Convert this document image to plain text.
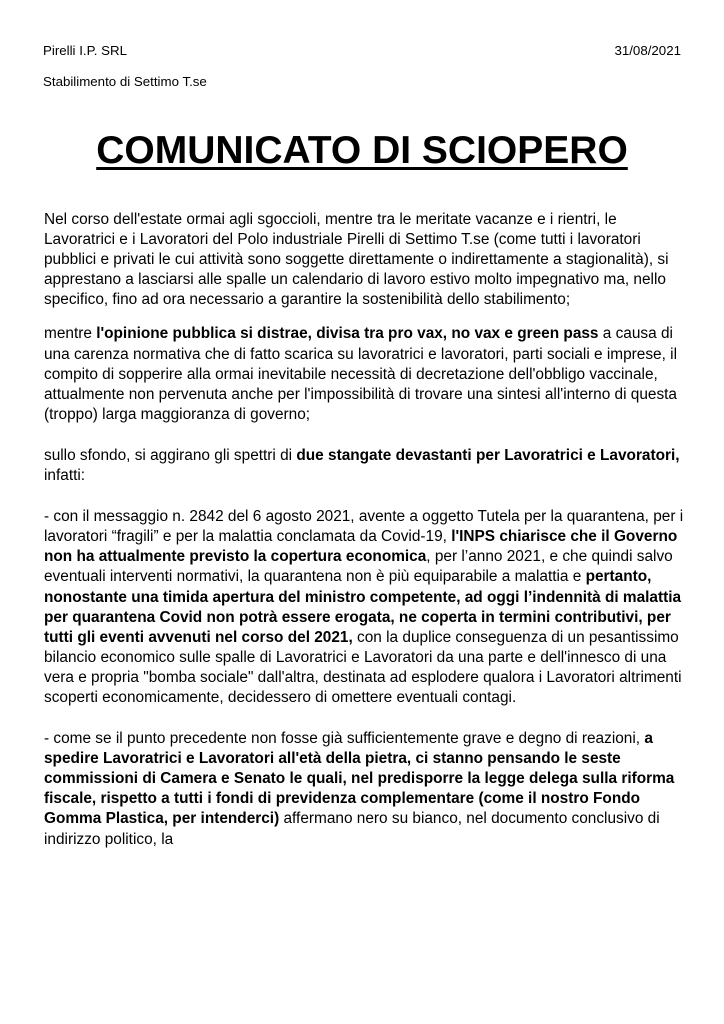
Pirelli I.P. SRL	31/08/2021
Stabilimento di Settimo T.se
COMUNICATO DI SCIOPERO

Nel corso dell'estate ormai agli sgoccioli, mentre tra le meritate vacanze e i rientri, le Lavoratrici e i Lavoratori del Polo industriale Pirelli di Settimo T.se (come tutti i lavoratori pubblici e privati le cui attività sono soggette direttamente o indirettamente a stagionalità), si apprestano a lasciarsi alle spalle un calendario di lavoro estivo molto impegnativo ma, nello specifico, fino ad ora necessario a garantire la sostenibilità dello stabilimento;

mentre l'opinione pubblica si distrae, divisa tra pro vax, no vax e green pass a causa di una carenza normativa che di fatto scarica su lavoratrici e lavoratori, parti sociali e imprese, il compito di sopperire alla ormai inevitabile necessità di decretazione dell'obbligo vaccinale, attualmente non pervenuta anche per l'impossibilità di trovare una sintesi all'interno di questa (troppo) larga maggioranza di governo;

sullo sfondo, si aggirano gli spettri di due stangate devastanti per Lavoratrici e Lavoratori, infatti:

- con il messaggio n. 2842 del 6 agosto 2021, avente a oggetto Tutela per la quarantena, per i lavoratori “fragili” e per la malattia conclamata da Covid-19, l'INPS chiarisce che il Governo non ha attualmente previsto la copertura economica, per l’anno 2021, e che quindi salvo eventuali interventi normativi, la quarantena non è più equiparabile a malattia e pertanto, nonostante una timida apertura del ministro competente, ad oggi l’indennità di malattia per quarantena Covid non potrà essere erogata, ne coperta in termini contributivi, per tutti gli eventi avvenuti nel corso del 2021, con la duplice conseguenza di un pesantissimo bilancio economico sulle spalle di Lavoratrici e Lavoratori da una parte e dell'innesco di una vera e propria "bomba sociale" dall'altra, destinata ad esplodere qualora i Lavoratori altrimenti scoperti economicamente, decidessero di omettere eventuali contagi.

- come se il punto precedente non fosse già sufficientemente grave e degno di reazioni, a spedire Lavoratrici e Lavoratori all'età della pietra, ci stanno pensando le seste commissioni di Camera e Senato le quali, nel predisporre la legge delega sulla riforma fiscale, rispetto a tutti i fondi di previdenza complementare (come il nostro Fondo Gomma Plastica, per intenderci) affermano nero su bianco, nel documento conclusivo di indirizzo politico, la
